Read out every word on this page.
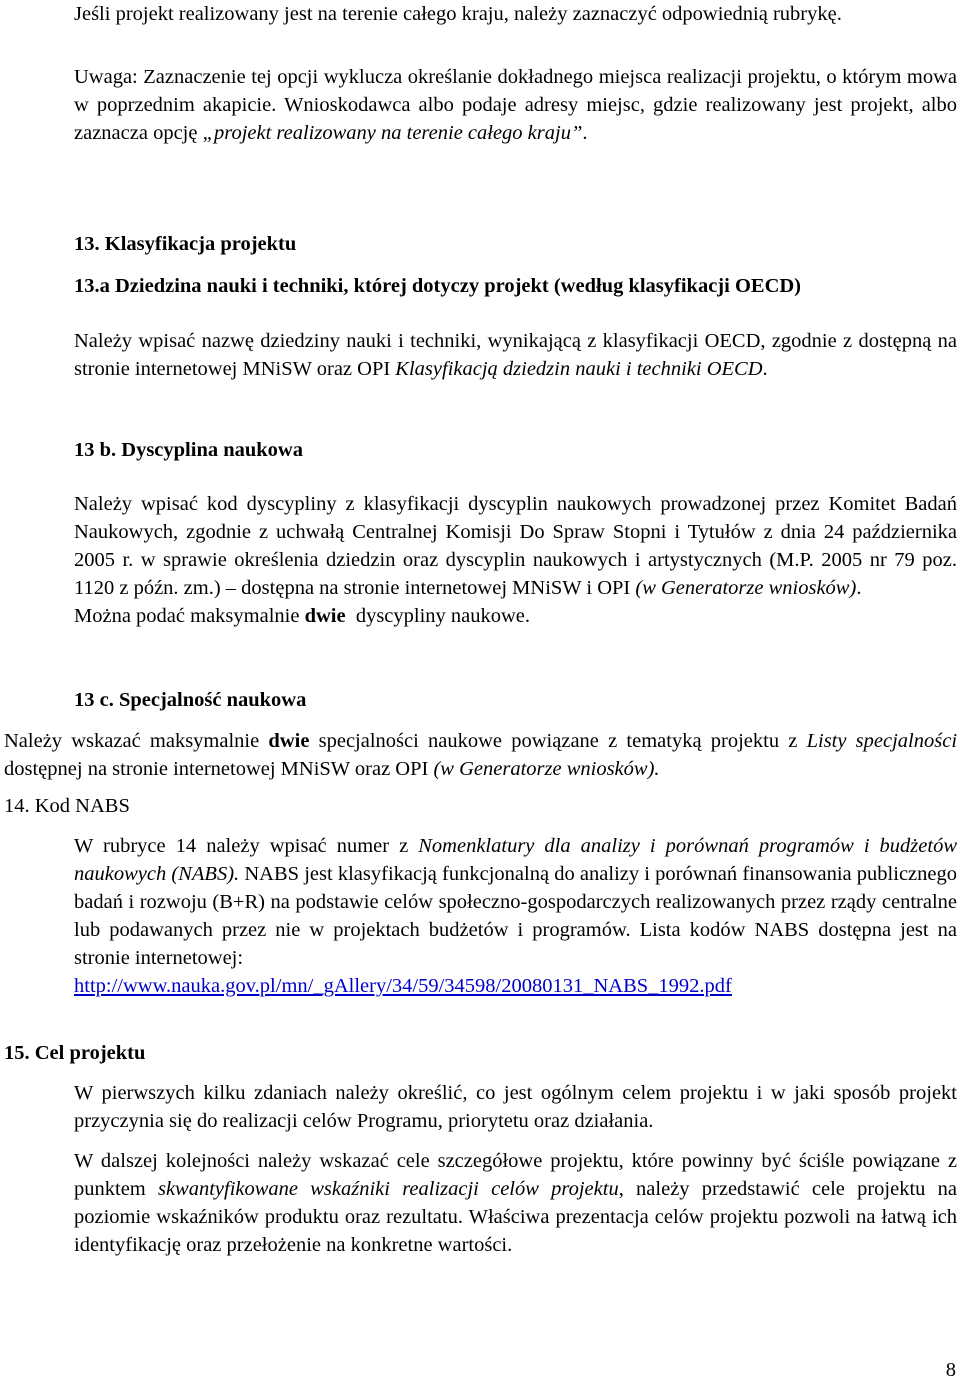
Jeśli projekt realizowany jest na terenie całego kraju, należy zaznaczyć odpowiednią rubrykę.

Uwaga: Zaznaczenie tej opcji wyklucza określanie dokładnego miejsca realizacji projektu, o którym mowa w poprzednim akapicie. Wnioskodawca albo podaje adresy miejsc, gdzie realizowany jest projekt, albo zaznacza opcję „projekt realizowany na terenie całego kraju”.

13. Klasyfikacja projektu

13.a Dziedzina nauki i techniki, której dotyczy projekt (według klasyfikacji OECD)

Należy wpisać nazwę dziedziny nauki i techniki, wynikającą z klasyfikacji OECD, zgodnie z dostępną na stronie internetowej MNiSW oraz OPI Klasyfikacją dziedzin nauki i techniki OECD.

13 b. Dyscyplina naukowa

Należy wpisać kod dyscypliny z klasyfikacji dyscyplin naukowych prowadzonej przez Komitet Badań Naukowych, zgodnie z uchwałą Centralnej Komisji Do Spraw Stopni i Tytułów z dnia 24 października 2005 r. w sprawie określenia dziedzin oraz dyscyplin naukowych i artystycznych (M.P. 2005 nr 79 poz. 1120 z późn. zm.) – dostępna na stronie internetowej MNiSW i OPI (w Generatorze wniosków).
Można podać maksymalnie dwie  dyscypliny naukowe.

13 c. Specjalność naukowa

Należy wskazać maksymalnie dwie specjalności naukowe powiązane z tematyką projektu z Listy specjalności dostępnej na stronie internetowej MNiSW oraz OPI (w Generatorze wniosków).

14. Kod NABS

W rubryce 14 należy wpisać numer z Nomenklatury dla analizy i porównań programów i budżetów naukowych (NABS). NABS jest klasyfikacją funkcjonalną do analizy i porównań finansowania publicznego badań i rozwoju (B+R) na podstawie celów społeczno-gospodarczych realizowanych przez rządy centralne lub podawanych przez nie w projektach budżetów i programów. Lista kodów NABS dostępna jest na stronie internetowej:
http://www.nauka.gov.pl/mn/_gAllery/34/59/34598/20080131_NABS_1992.pdf

15. Cel projektu

W pierwszych kilku zdaniach należy określić, co jest ogólnym celem projektu i w jaki sposób projekt przyczynia się do realizacji celów Programu, priorytetu oraz działania.

W dalszej kolejności należy wskazać cele szczegółowe projektu, które powinny być ściśle powiązane z punktem skwantyfikowane wskaźniki realizacji celów projektu, należy przedstawić cele projektu na poziomie wskaźników produktu oraz rezultatu. Właściwa prezentacja celów projektu pozwoli na łatwą ich identyfikację oraz przełożenie na konkretne wartości.

8
